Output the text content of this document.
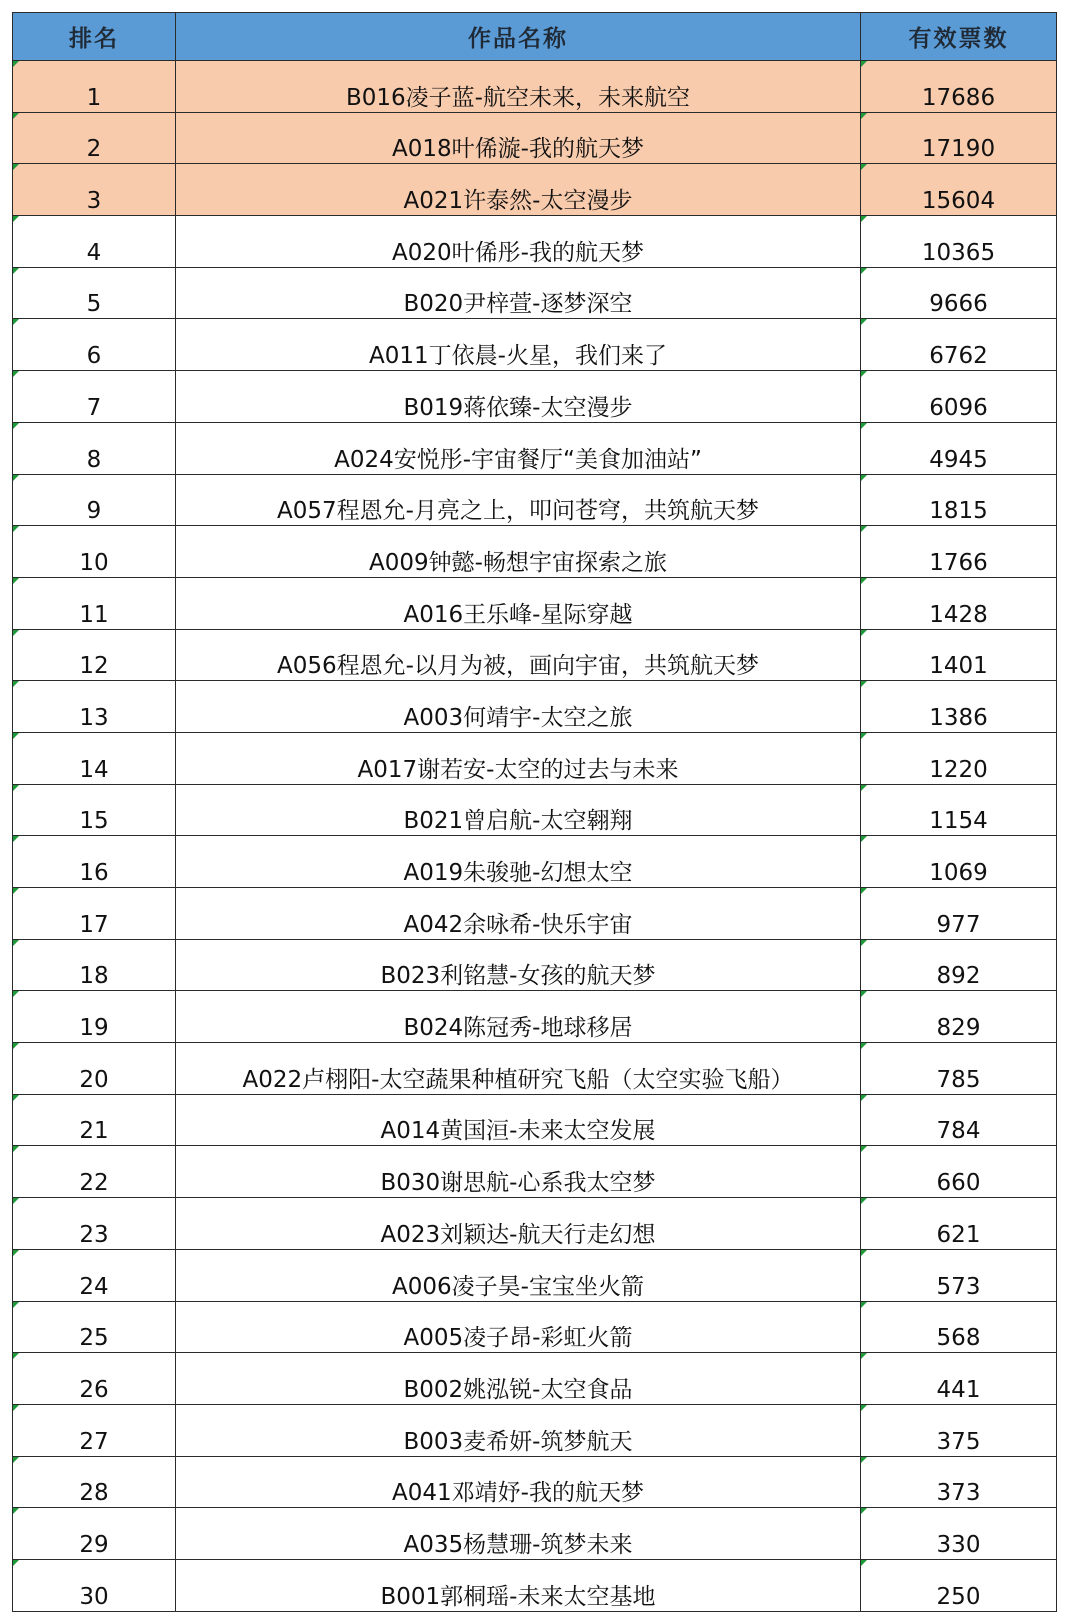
排名	作品名称	有效票数
1	B016凌子蓝-航空未来，未来航空	17686
2	A018叶俙漩-我的航天梦	17190
3	A021许泰然-太空漫步	15604
4	A020叶俙彤-我的航天梦	10365
5	B020尹梓萱-逐梦深空	9666
6	A011丁依晨-火星，我们来了	6762
7	B019蒋依臻-太空漫步	6096
8	A024安悦彤-宇宙餐厅“美食加油站”	4945
9	A057程恩允-月亮之上，叩问苍穹，共筑航天梦	1815
10	A009钟懿-畅想宇宙探索之旅	1766
11	A016王乐峰-星际穿越	1428
12	A056程恩允-以月为被，画向宇宙，共筑航天梦	1401
13	A003何靖宇-太空之旅	1386
14	A017谢若安-太空的过去与未来	1220
15	B021曾启航-太空翱翔	1154
16	A019朱骏驰-幻想太空	1069
17	A042余咏希-快乐宇宙	977
18	B023利铭慧-女孩的航天梦	892
19	B024陈冠秀-地球移居	829
20	A022卢栩阳-太空蔬果种植研究飞船（太空实验飞船）	785
21	A014黄国洹-未来太空发展	784
22	B030谢思航-心系我太空梦	660
23	A023刘颖达-航天行走幻想	621
24	A006凌子昊-宝宝坐火箭	573
25	A005凌子昂-彩虹火箭	568
26	B002姚泓锐-太空食品	441
27	B003麦希妍-筑梦航天	375
28	A041邓靖妤-我的航天梦	373
29	A035杨慧珊-筑梦未来	330
30	B001郭桐瑶-未来太空基地	250
